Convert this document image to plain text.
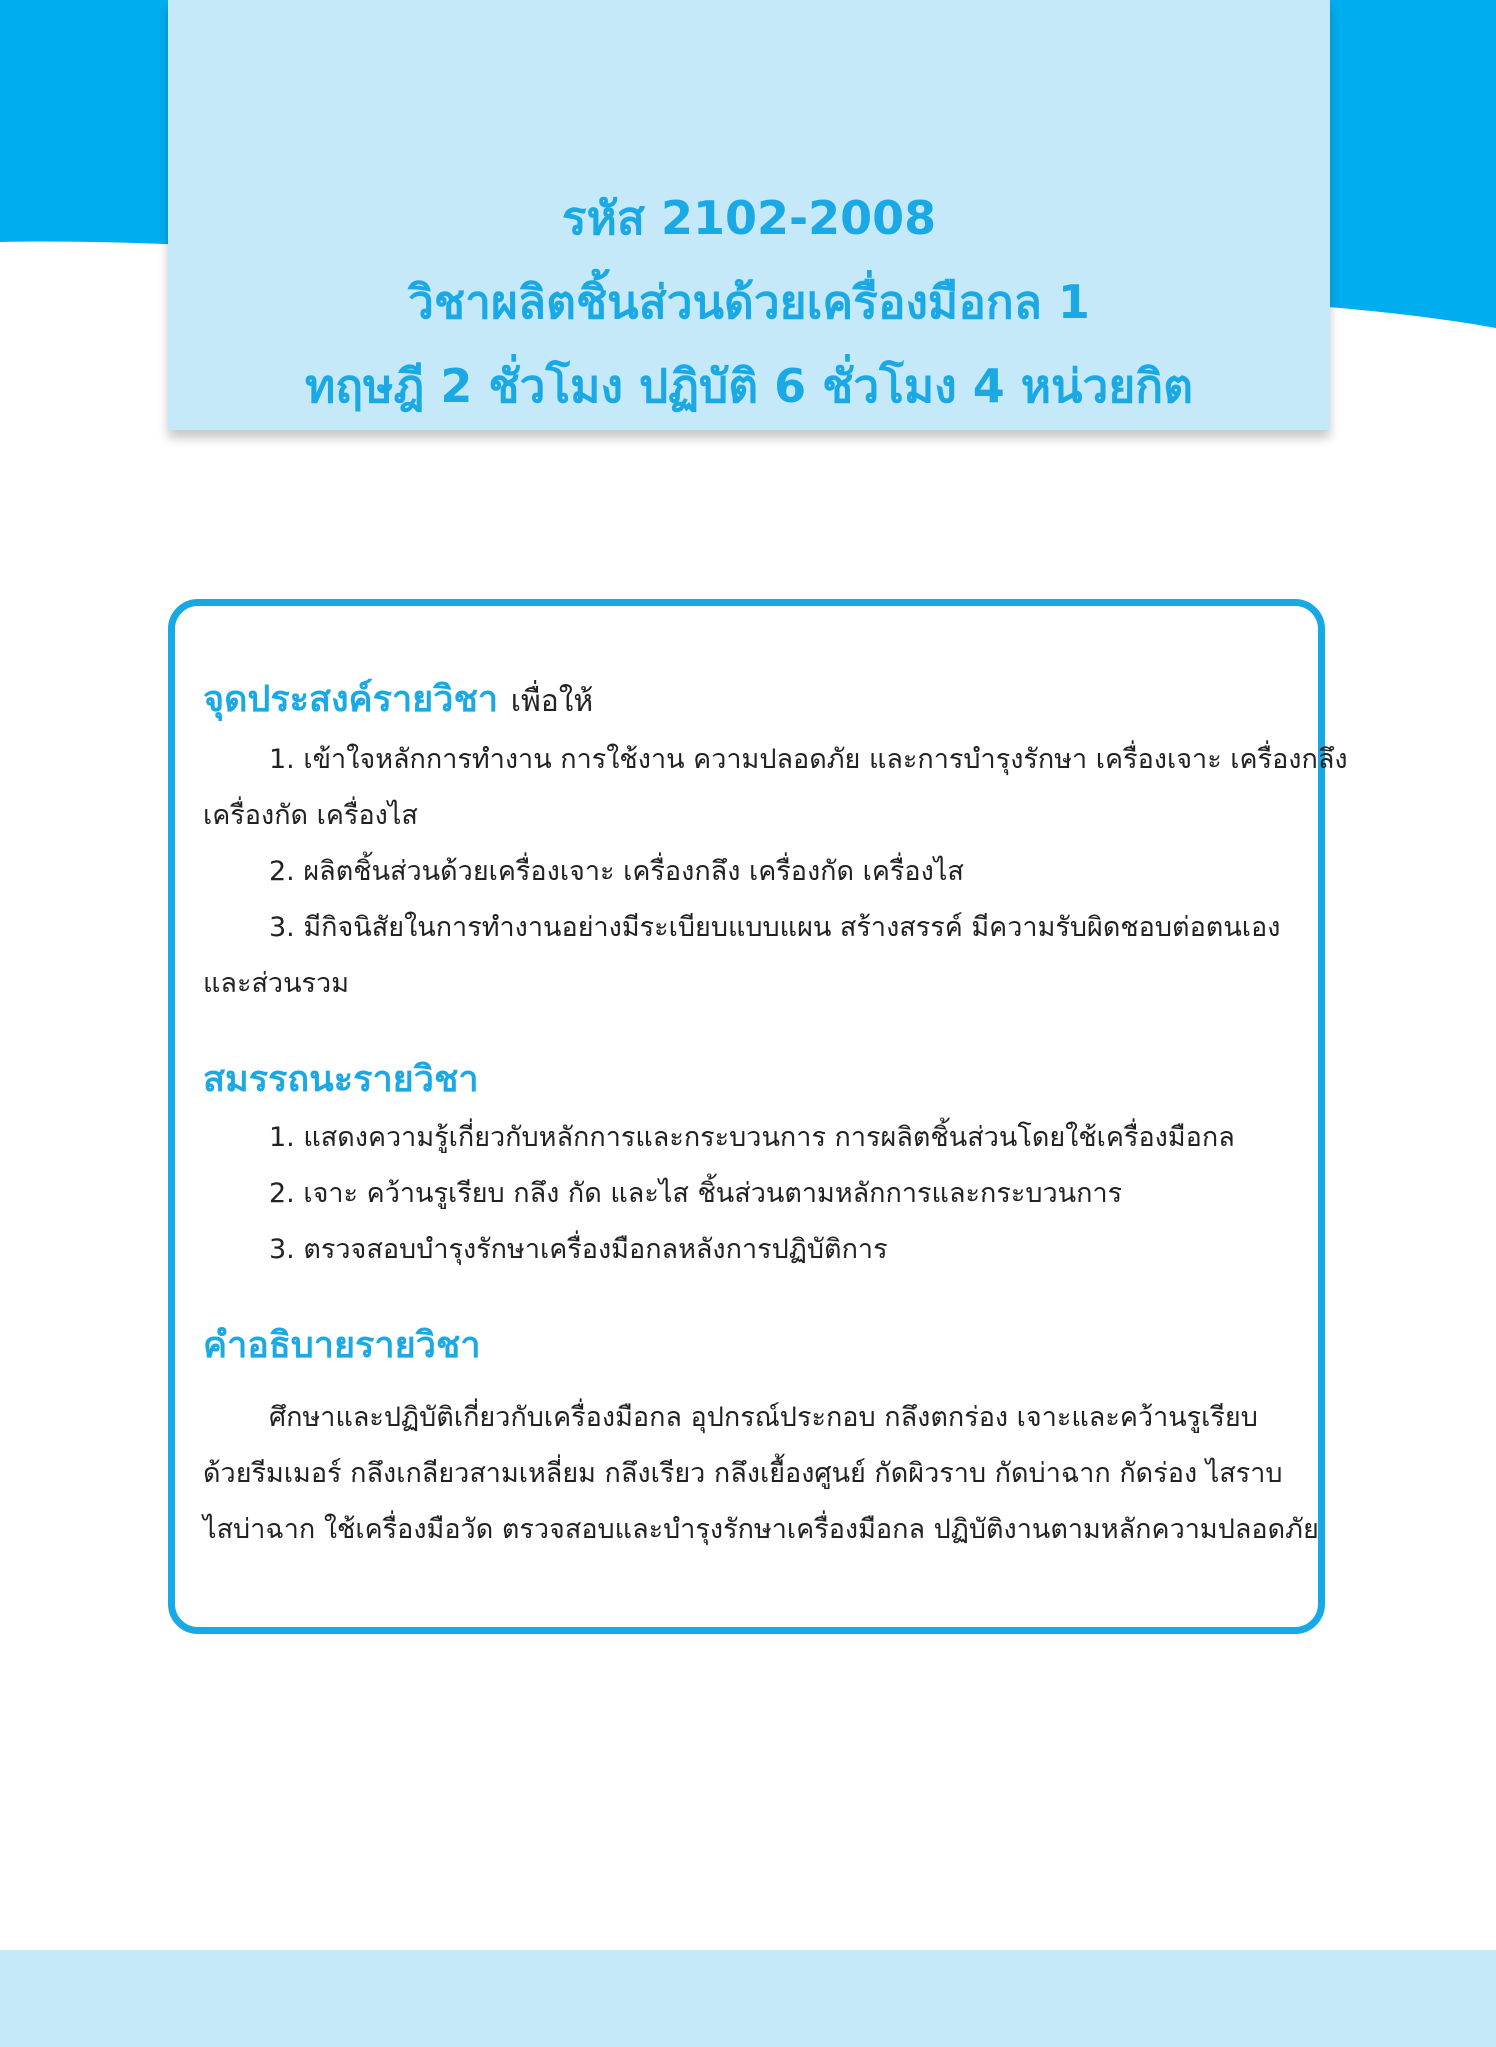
รหัส 2102-2008
วิชาผลิตชิ้นส่วนด้วยเครื่องมือกล 1
ทฤษฎี 2 ชั่วโมง ปฏิบัติ 6 ชั่วโมง 4 หน่วยกิต
จุดประสงค์รายวิชา เพื่อให้

1. เข้าใจหลักการทำงาน การใช้งาน ความปลอดภัย และการบำรุงรักษา เครื่องเจาะ เครื่องกลึง

เครื่องกัด เครื่องไส

2. ผลิตชิ้นส่วนด้วยเครื่องเจาะ เครื่องกลึง เครื่องกัด เครื่องไส

3. มีกิจนิสัยในการทำงานอย่างมีระเบียบแบบแผน สร้างสรรค์ มีความรับผิดชอบต่อตนเอง

และส่วนรวม

สมรรถนะรายวิชา

1. แสดงความรู้เกี่ยวกับหลักการและกระบวนการ การผลิตชิ้นส่วนโดยใช้เครื่องมือกล

2. เจาะ คว้านรูเรียบ กลึง กัด และไส ชิ้นส่วนตามหลักการและกระบวนการ

3. ตรวจสอบบำรุงรักษาเครื่องมือกลหลังการปฏิบัติการ

คำอธิบายรายวิชา

ศึกษาและปฏิบัติเกี่ยวกับเครื่องมือกล อุปกรณ์ประกอบ กลึงตกร่อง เจาะและคว้านรูเรียบ

ด้วยรีมเมอร์ กลึงเกลียวสามเหลี่ยม กลึงเรียว กลึงเยื้องศูนย์ กัดผิวราบ กัดบ่าฉาก กัดร่อง ไสราบ

ไสบ่าฉาก ใช้เครื่องมือวัด ตรวจสอบและบำรุงรักษาเครื่องมือกล ปฏิบัติงานตามหลักความปลอดภัย
